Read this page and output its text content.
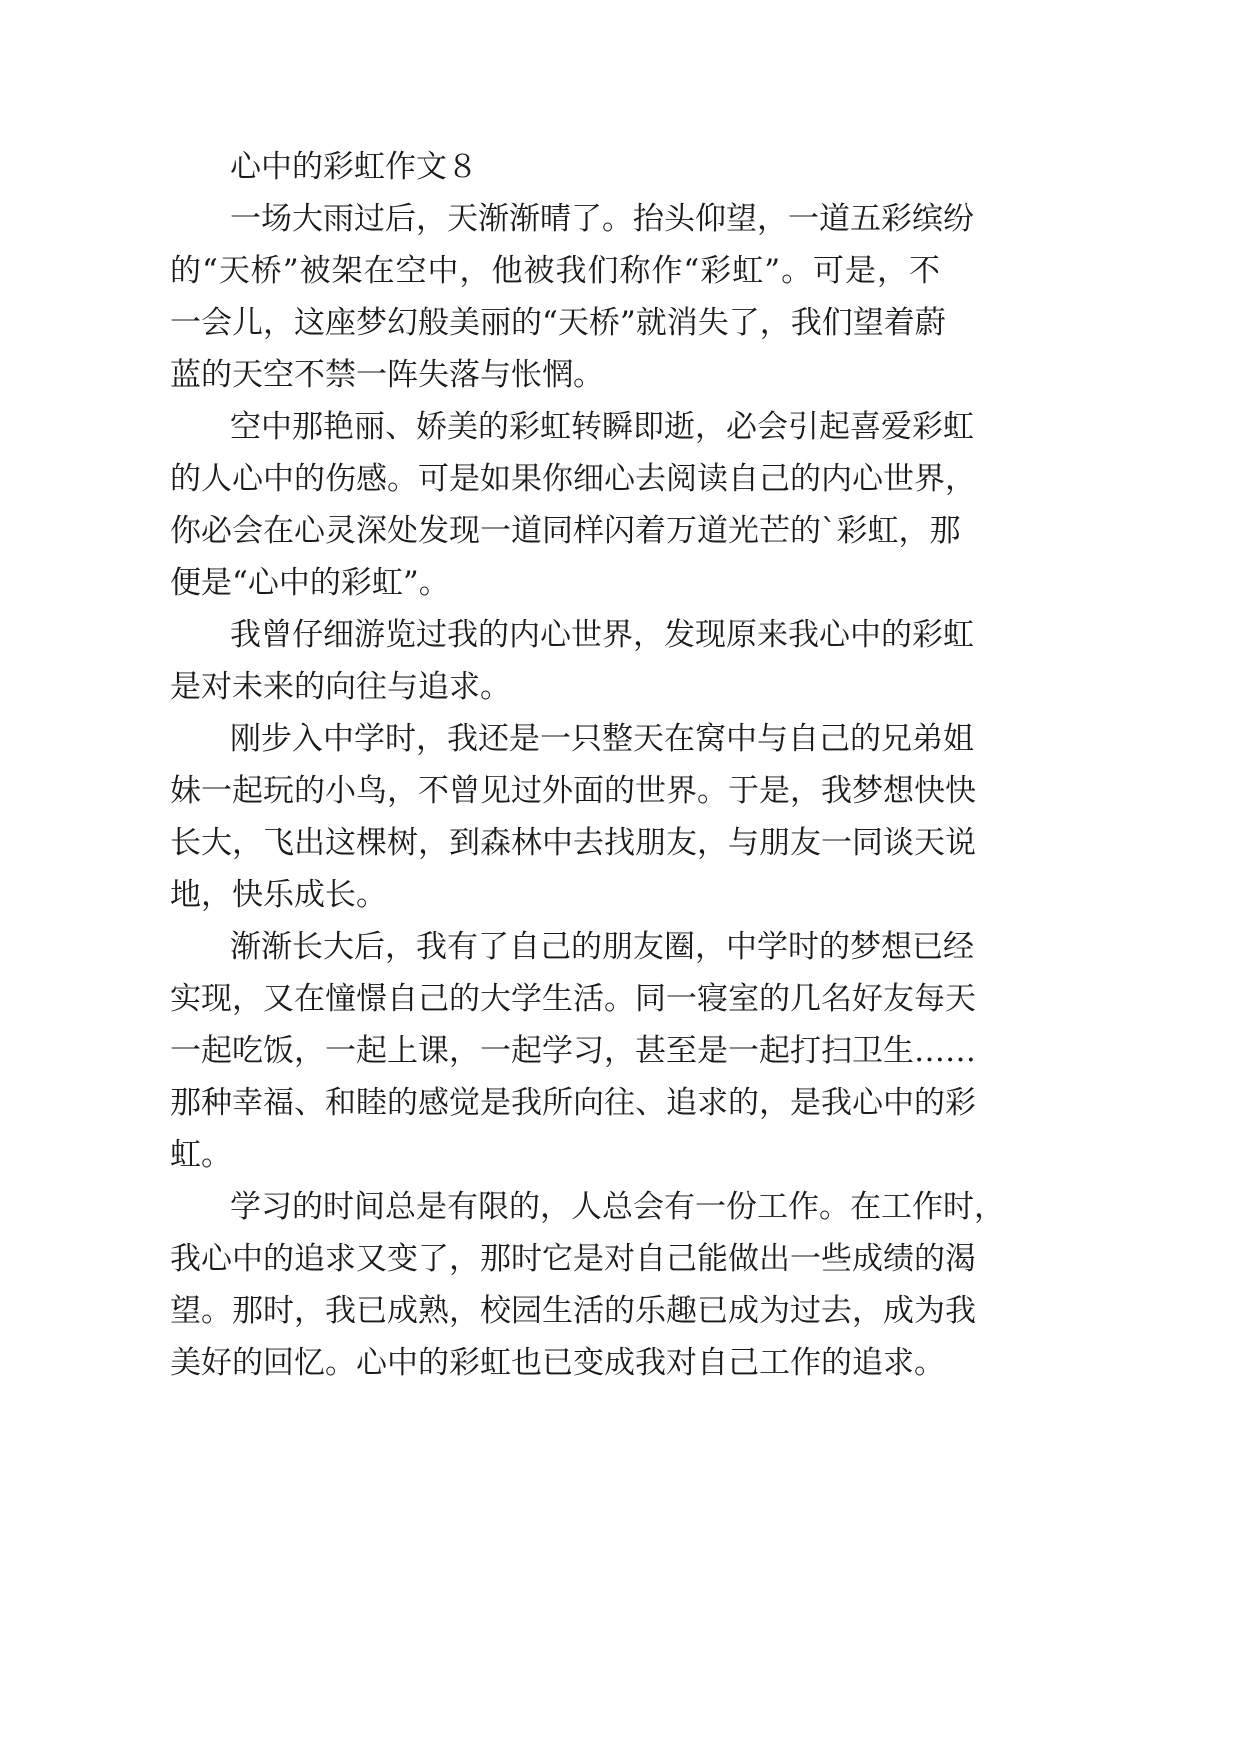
心中的彩虹作文８
一场大雨过后，天渐渐晴了。抬头仰望，一道五彩缤纷
的“天桥”被架在空中，他被我们称作“彩虹”。可是，不
一会儿，这座梦幻般美丽的“天桥”就消失了，我们望着蔚
蓝的天空不禁一阵失落与怅惘。
空中那艳丽、娇美的彩虹转瞬即逝，必会引起喜爱彩虹
的人心中的伤感。可是如果你细心去阅读自己的内心世界，
你必会在心灵深处发现一道同样闪着万道光芒的`彩虹，那
便是“心中的彩虹”。
我曾仔细游览过我的内心世界，发现原来我心中的彩虹
是对未来的向往与追求。
刚步入中学时，我还是一只整天在窝中与自己的兄弟姐
妹一起玩的小鸟，不曾见过外面的世界。于是，我梦想快快
长大，飞出这棵树，到森林中去找朋友，与朋友一同谈天说
地，快乐成长。
渐渐长大后，我有了自己的朋友圈，中学时的梦想已经
实现，又在憧憬自己的大学生活。同一寝室的几名好友每天
一起吃饭，一起上课，一起学习，甚至是一起打扫卫生……
那种幸福、和睦的感觉是我所向往、追求的，是我心中的彩
虹。
学习的时间总是有限的，人总会有一份工作。在工作时，
我心中的追求又变了，那时它是对自己能做出一些成绩的渴
望。那时，我已成熟，校园生活的乐趣已成为过去，成为我
美好的回忆。心中的彩虹也已变成我对自己工作的追求。
